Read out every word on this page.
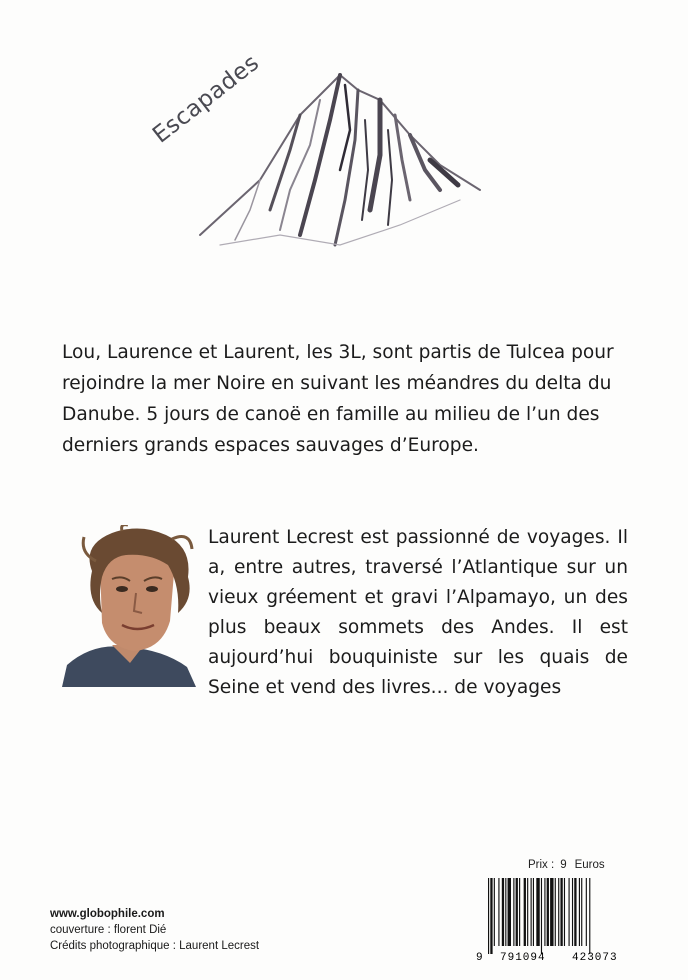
Escapades

Lou, Laurence et Laurent, les 3L, sont partis de Tulcea pour rejoindre la mer Noire en suivant les méandres du delta du Danube. 5 jours de canoë en famille au milieu de l’un des derniers grands espaces sauvages d’Europe.

Laurent Lecrest est passionné de voyages. Il a, entre autres, traversé l’Atlantique sur un vieux gréement et gravi l’Alpamayo, un des plus beaux sommets des Andes. Il est aujourd’hui bouquiniste sur les quais de Seine et vend des livres... de voyages

Prix : 9 Euros
9 791094 423073
www.globophile.com
couverture : florent Dié
Crédits photographique : Laurent Lecrest
